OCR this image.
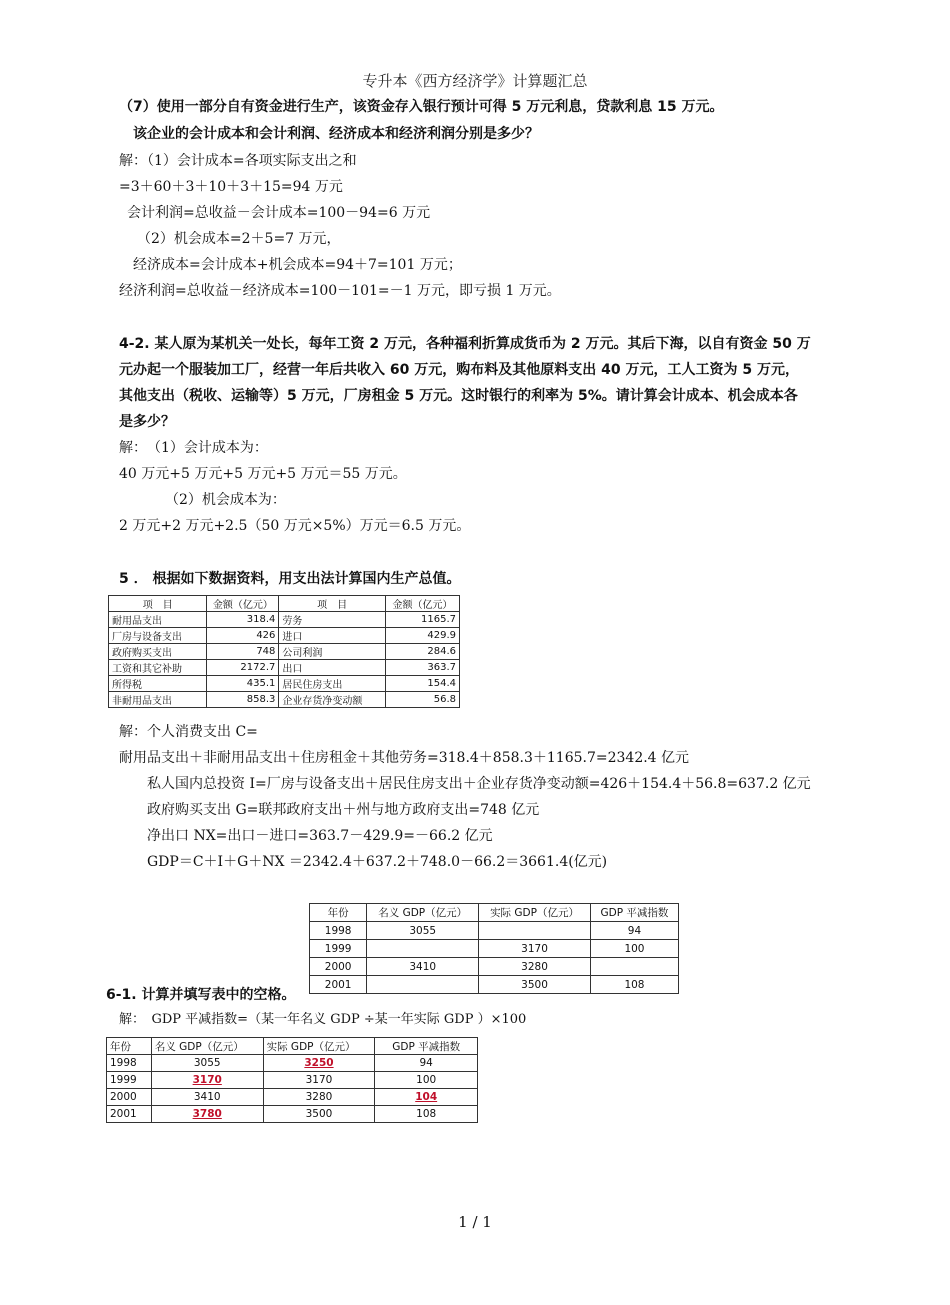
专升本《西方经济学》计算题汇总
（7）使用一部分自有资金进行生产，该资金存入银行预计可得 5 万元利息，贷款利息 15 万元。
该企业的会计成本和会计利润、经济成本和经济利润分别是多少？
解：（1）会计成本=各项实际支出之和
=3＋60＋3＋10＋3＋15=94 万元
会计利润=总收益－会计成本=100－94=6 万元
（2）机会成本=2＋5=7 万元，
经济成本=会计成本+机会成本=94＋7=101 万元；
经济利润=总收益－经济成本=100－101=－1 万元，即亏损 1 万元。
4-2. 某人原为某机关一处长，每年工资 2 万元，各种福利折算成货币为 2 万元。其后下海，以自有资金 50 万
元办起一个服装加工厂，经营一年后共收入 60 万元，购布料及其他原料支出 40 万元，工人工资为 5 万元，
其他支出（税收、运输等）5 万元，厂房租金 5 万元。这时银行的利率为 5%。请计算会计成本、机会成本各
是多少？
解：　（1）会计成本为：
40 万元+5 万元+5 万元+5 万元＝55 万元。
（2）机会成本为：
2 万元+2 万元+2.5（50 万元×5%）万元＝6.5 万元。
5 ． 根据如下数据资料，用支出法计算国内生产总值。
项　目	金额（亿元）	项　目	金额（亿元）
耐用品支出	318.4	劳务	1165.7
厂房与设备支出	426	进口	429.9
政府购买支出	748	公司利润	284.6
工资和其它补助	2172.7	出口	363.7
所得税	435.1	居民住房支出	154.4
非耐用品支出	858.3	企业存货净变动额	56.8
解：个人消费支出 C=
耐用品支出＋非耐用品支出＋住房租金＋其他劳务=318.4＋858.3＋1165.7=2342.4 亿元
私人国内总投资 I=厂房与设备支出＋居民住房支出＋企业存货净变动额=426＋154.4＋56.8=637.2 亿元
政府购买支出 G=联邦政府支出＋州与地方政府支出=748 亿元
净出口 NX=出口－进口=363.7－429.9=－66.2 亿元
GDP＝C＋I＋G＋NX ＝2342.4＋637.2＋748.0－66.2＝3661.4(亿元)
年份	名义 GDP（亿元）	实际 GDP（亿元）	GDP 平减指数
1998	3055		94
1999		3170	100
2000	3410	3280	
2001		3500	108
6-1. 计算并填写表中的空格。
解：　GDP 平减指数=（某一年名义 GDP ÷某一年实际 GDP ）×100
年份	名义 GDP（亿元）	实际 GDP（亿元）	GDP 平减指数
1998	3055	3250	94
1999	3170	3170	100
2000	3410	3280	104
2001	3780	3500	108
1 / 1
